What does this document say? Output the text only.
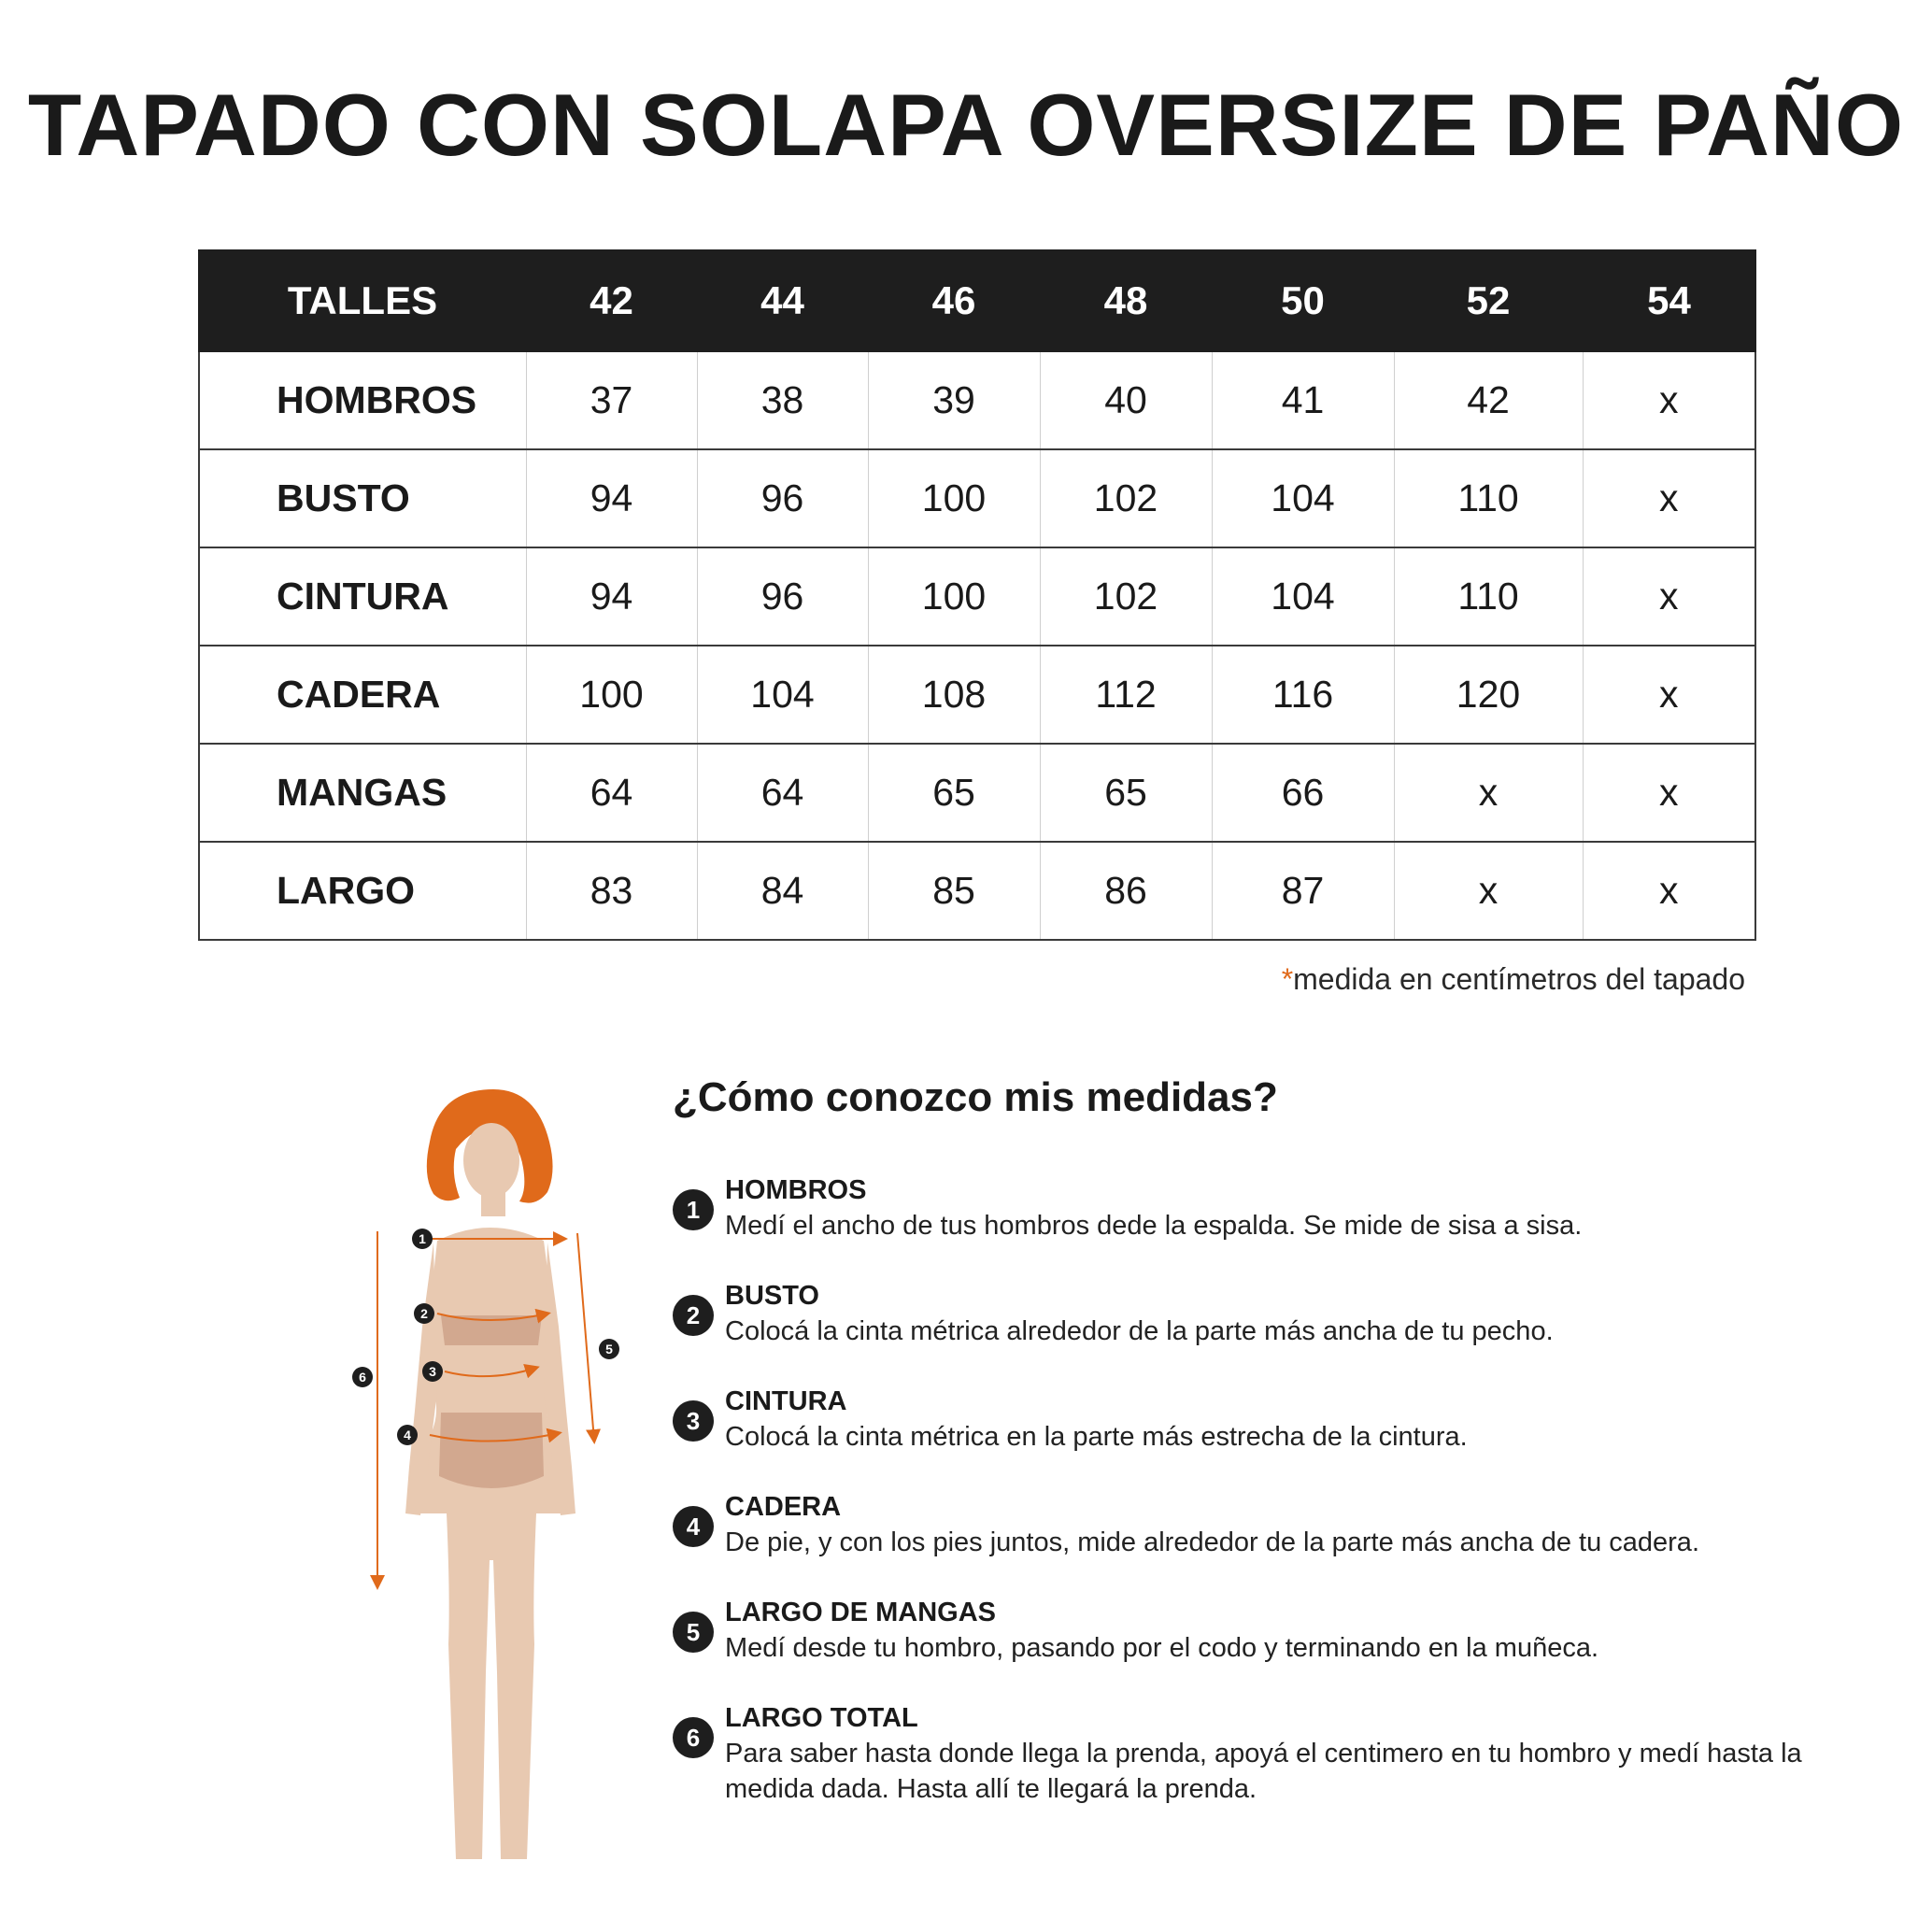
TAPADO CON SOLAPA OVERSIZE DE PAÑO
TALLES	42	44	46	48	50	52	54
HOMBROS	37	38	39	40	41	42	x
BUSTO	94	96	100	102	104	110	x
CINTURA	94	96	100	102	104	110	x
CADERA	100	104	108	112	116	120	x
MANGAS	64	64	65	65	66	x	x
LARGO	83	84	85	86	87	x	x
*medida en centímetros del tapado
1
2
3
4
5
6
¿Cómo conozco mis medidas?
1
HOMBROS
Medí el ancho de tus hombros dede la espalda. Se mide de sisa a sisa.
2
BUSTO
Colocá la cinta métrica alrededor de la parte más ancha de tu pecho.
3
CINTURA
Colocá la cinta métrica en la parte más estrecha de la cintura.
4
CADERA
De pie, y con los pies juntos, mide alrededor de la parte más ancha de tu cadera.
5
LARGO DE MANGAS
Medí desde tu hombro, pasando por el codo y terminando en la muñeca.
6
LARGO TOTAL
Para saber hasta donde llega la prenda, apoyá el centimero en tu hombro y medí hasta la medida dada. Hasta allí te llegará la prenda.
